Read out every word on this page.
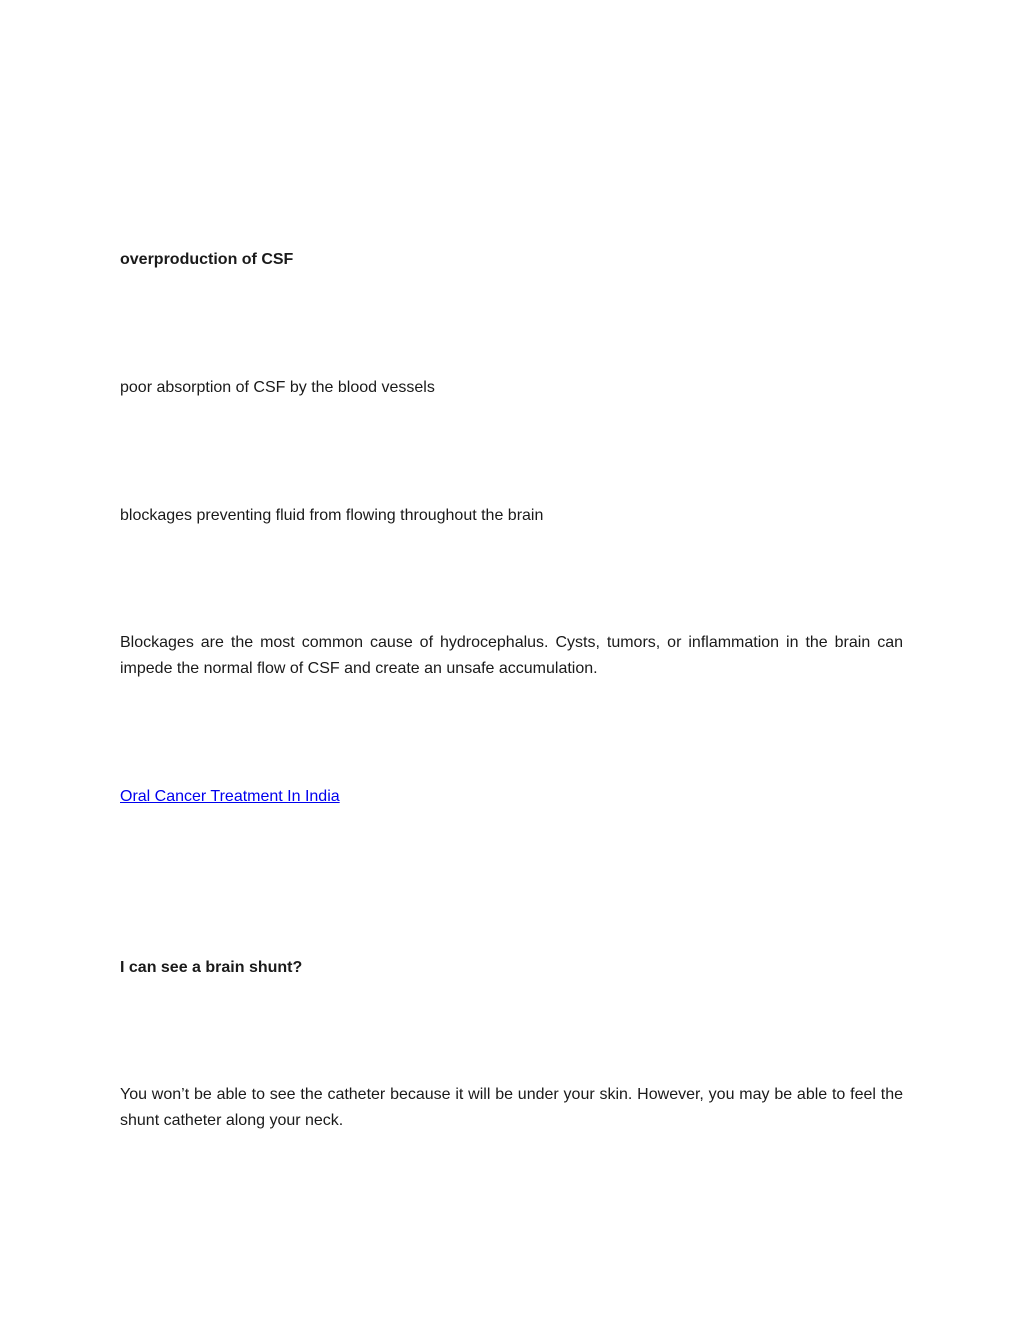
overproduction of CSF

poor absorption of CSF by the blood vessels

blockages preventing fluid from flowing throughout the brain

Blockages are the most common cause of hydrocephalus. Cysts, tumors, or inflammation in the brain can impede the normal flow of CSF and create an unsafe accumulation.

Oral Cancer Treatment In India

I can see a brain shunt?

You won’t be able to see the catheter because it will be under your skin. However, you may be able to feel the shunt catheter along your neck.
